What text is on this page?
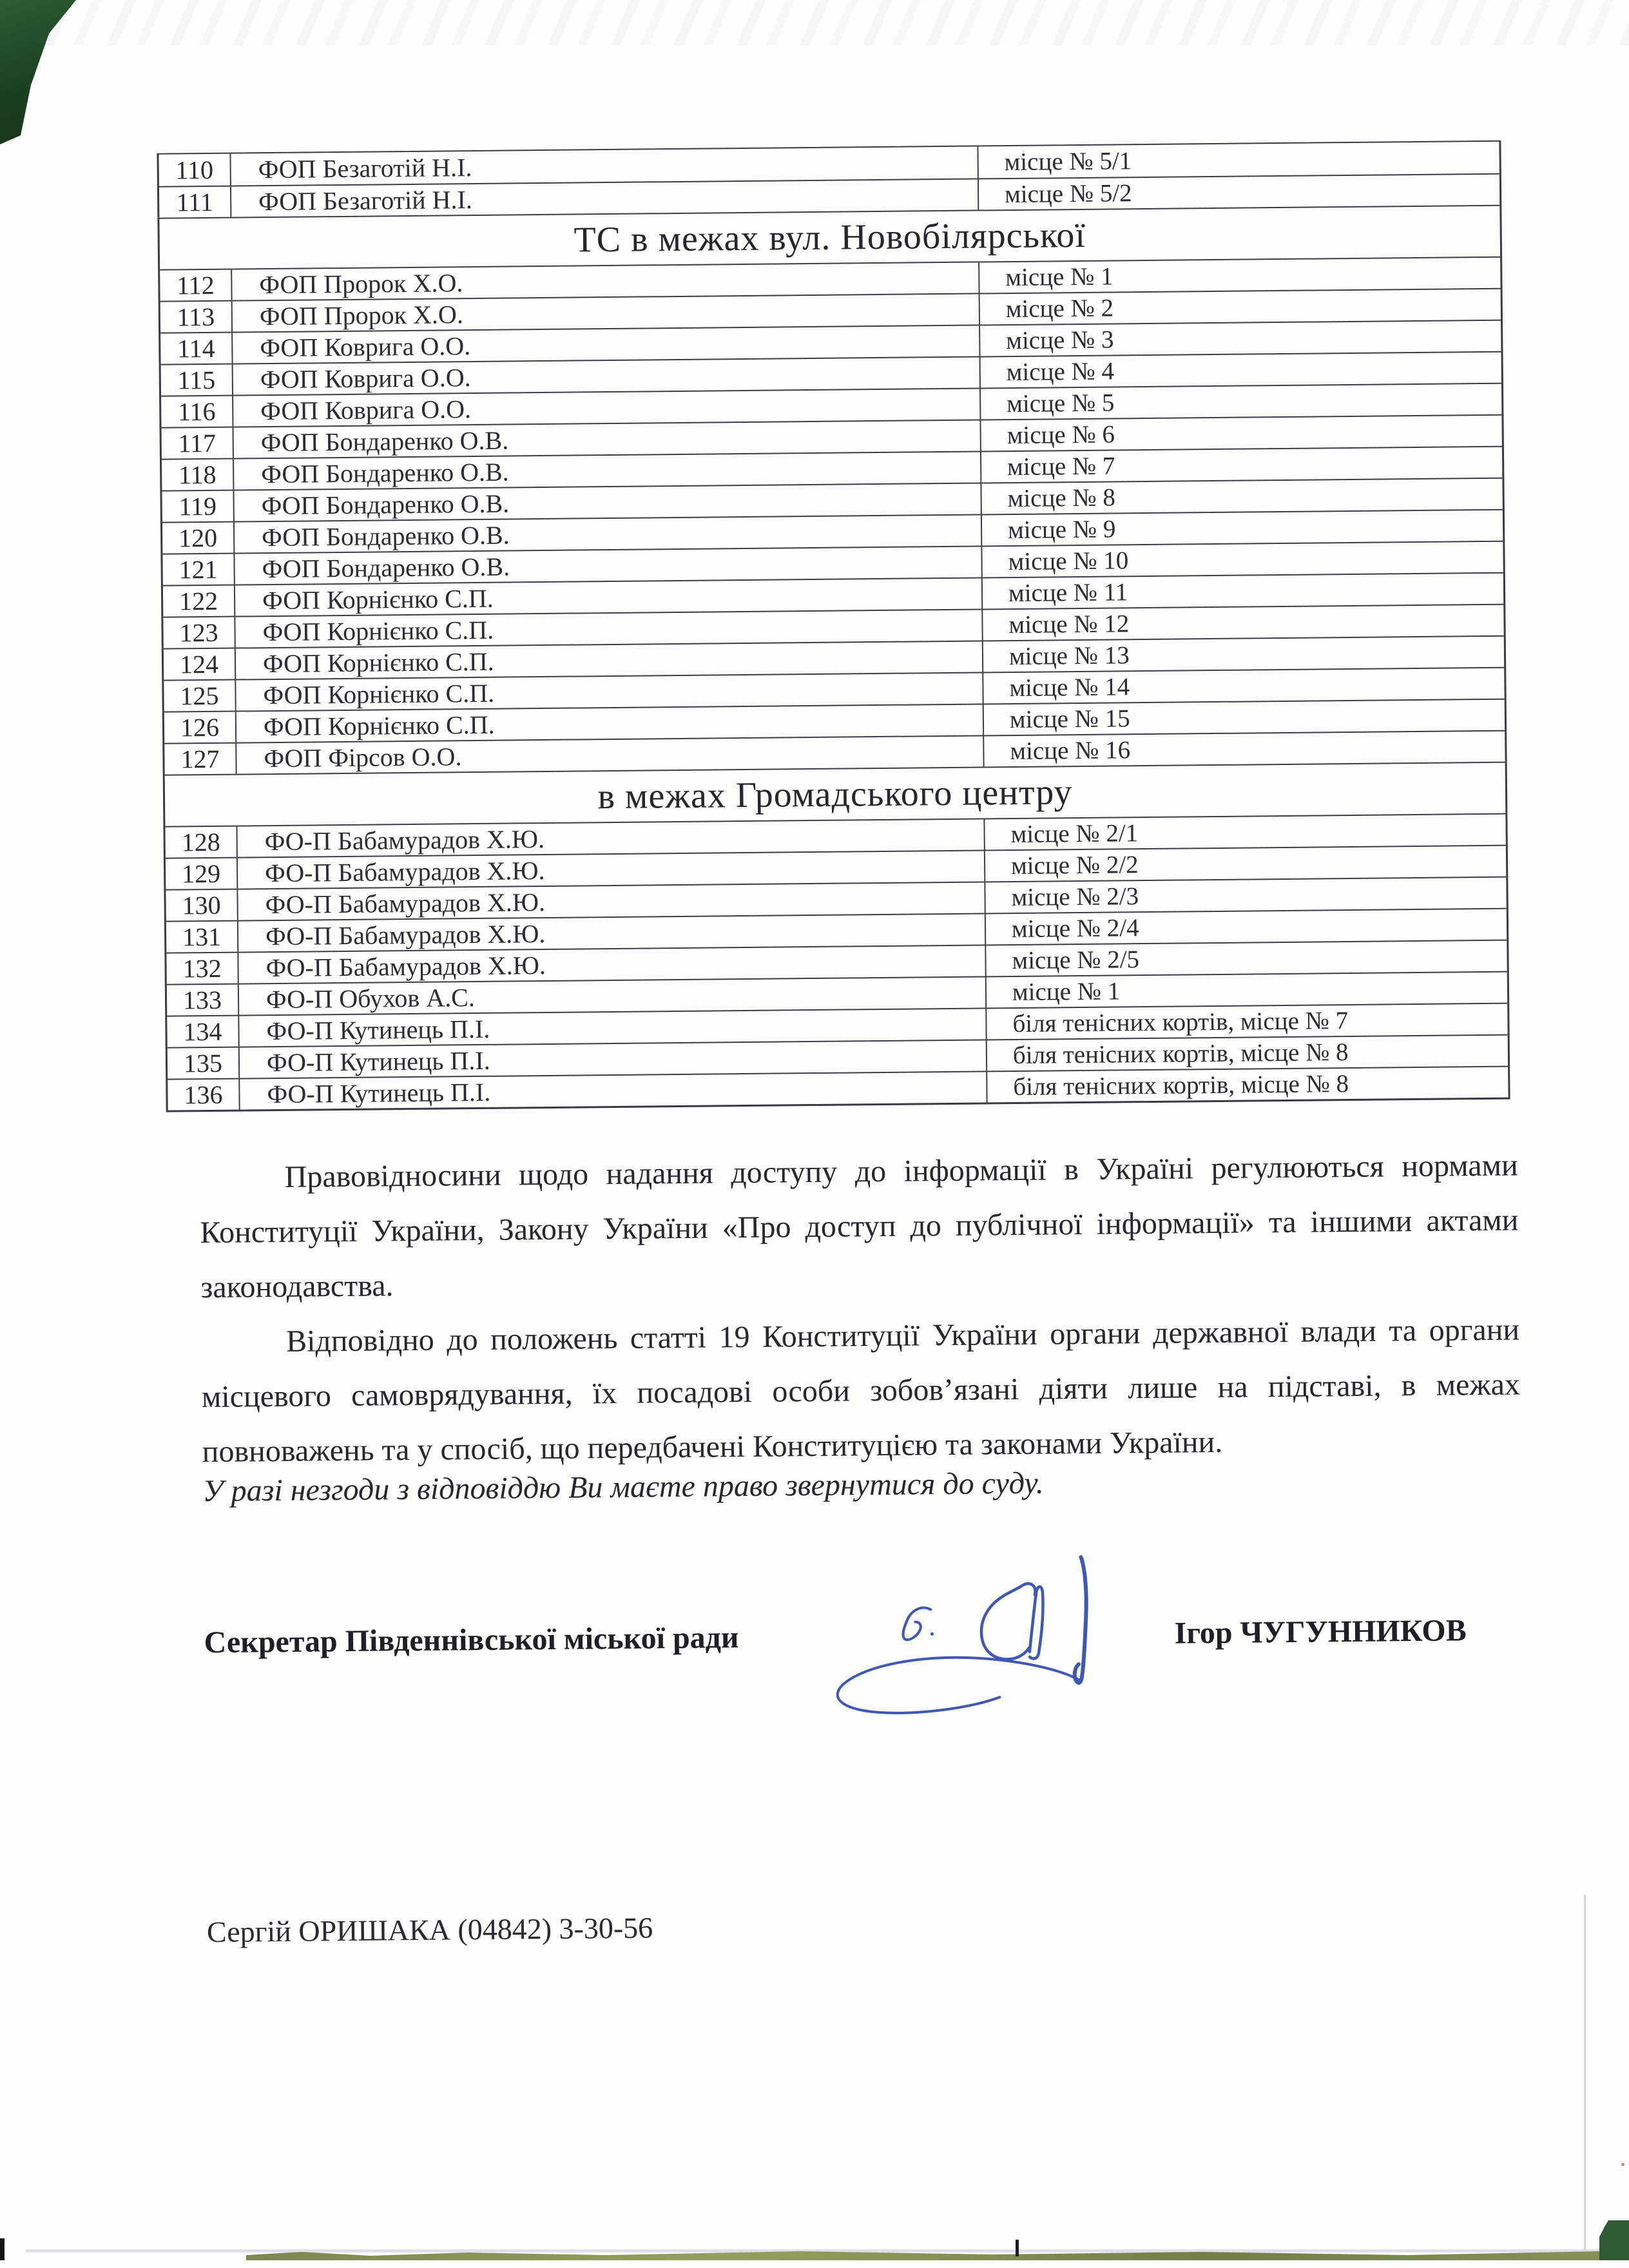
110	ФОП Безаготій Н.І.	місце № 5/1
111	ФОП Безаготій Н.І.	місце № 5/2
ТС в межах вул. Новобілярської
112	ФОП Пророк Х.О.	місце № 1
113	ФОП Пророк Х.О.	місце № 2
114	ФОП Коврига О.О.	місце № 3
115	ФОП Коврига О.О.	місце № 4
116	ФОП Коврига О.О.	місце № 5
117	ФОП Бондаренко О.В.	місце № 6
118	ФОП Бондаренко О.В.	місце № 7
119	ФОП Бондаренко О.В.	місце № 8
120	ФОП Бондаренко О.В.	місце № 9
121	ФОП Бондаренко О.В.	місце № 10
122	ФОП Корнієнко С.П.	місце № 11
123	ФОП Корнієнко С.П.	місце № 12
124	ФОП Корнієнко С.П.	місце № 13
125	ФОП Корнієнко С.П.	місце № 14
126	ФОП Корнієнко С.П.	місце № 15
127	ФОП Фірсов О.О.	місце № 16
в межах Громадського центру
128	ФО-П Бабамурадов Х.Ю.	місце № 2/1
129	ФО-П Бабамурадов Х.Ю.	місце № 2/2
130	ФО-П Бабамурадов Х.Ю.	місце № 2/3
131	ФО-П Бабамурадов Х.Ю.	місце № 2/4
132	ФО-П Бабамурадов Х.Ю.	місце № 2/5
133	ФО-П Обухов А.С.	місце № 1
134	ФО-П Кутинець П.І.	біля тенісних кортів, місце № 7
135	ФО-П Кутинець П.І.	біля тенісних кортів, місце № 8
136	ФО-П Кутинець П.І.	біля тенісних кортів, місце № 8

Правовідносини щодо надання доступу до інформації в Україні регулюються нормами Конституції України, Закону України «Про доступ до публічної інформації» та іншими актами законодавства.

Відповідно до положень статті 19 Конституції України органи державної влади та органи місцевого самоврядування, їх посадові особи зобов’язані діяти лише на підставі, в межах повноважень та у спосіб, що передбачені Конституцією та законами України.

У разі незгоди з відповіддю Ви маєте право звернутися до суду.

Секретар Південнівської міської ради	Ігор ЧУГУННИКОВ
Сергій ОРИШАКА (04842) 3-30-56
